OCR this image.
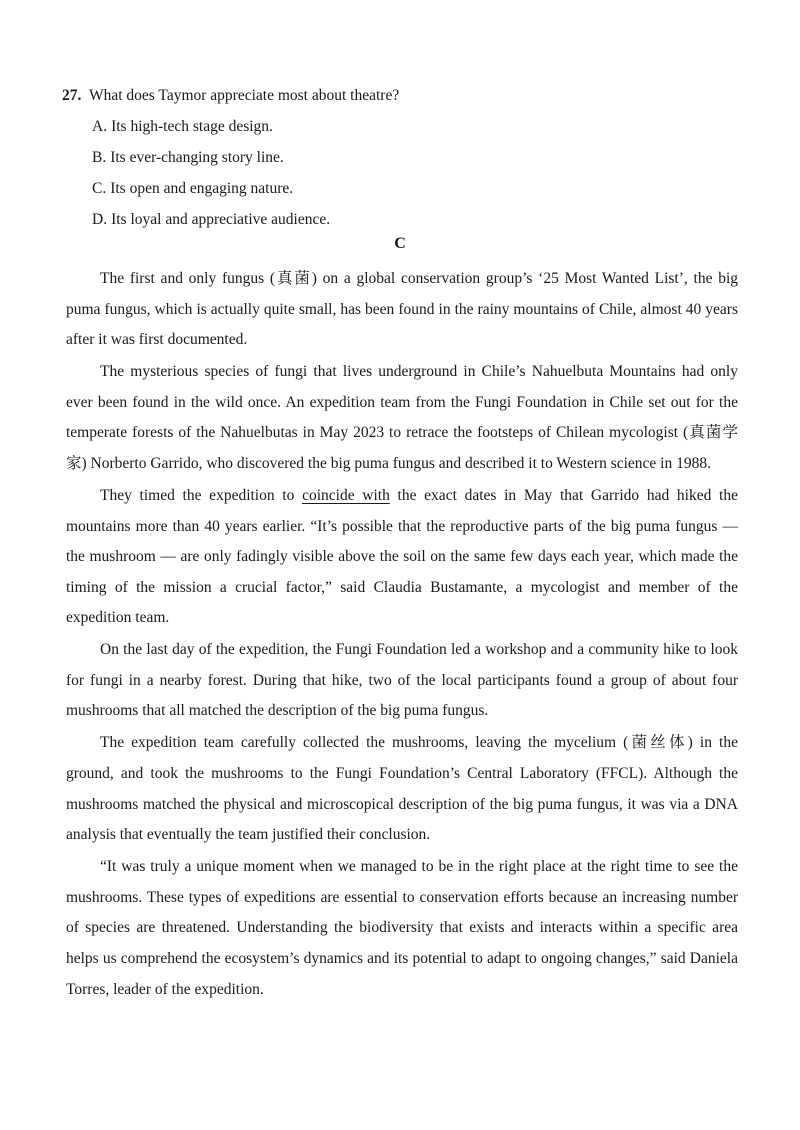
27. What does Taymor appreciate most about theatre?
A. Its high-tech stage design.
B. Its ever-changing story line.
C. Its open and engaging nature.
D. Its loyal and appreciative audience.
C

The first and only fungus (真菌) on a global conservation group’s ‘25 Most Wanted List’, the big puma fungus, which is actually quite small, has been found in the rainy mountains of Chile, almost 40 years after it was first documented.

The mysterious species of fungi that lives underground in Chile’s Nahuelbuta Mountains had only ever been found in the wild once. An expedition team from the Fungi Foundation in Chile set out for the temperate forests of the Nahuelbutas in May 2023 to retrace the footsteps of Chilean mycologist (真菌学家) Norberto Garrido, who discovered the big puma fungus and described it to Western science in 1988.

They timed the expedition to coincide with the exact dates in May that Garrido had hiked the mountains more than 40 years earlier. “It’s possible that the reproductive parts of the big puma fungus — the mushroom — are only fadingly visible above the soil on the same few days each year, which made the timing of the mission a crucial factor,” said Claudia Bustamante, a mycologist and member of the expedition team.

On the last day of the expedition, the Fungi Foundation led a workshop and a community hike to look for fungi in a nearby forest. During that hike, two of the local participants found a group of about four mushrooms that all matched the description of the big puma fungus.

The expedition team carefully collected the mushrooms, leaving the mycelium (菌丝体) in the ground, and took the mushrooms to the Fungi Foundation’s Central Laboratory (FFCL). Although the mushrooms matched the physical and microscopical description of the big puma fungus, it was via a DNA analysis that eventually the team justified their conclusion.

“It was truly a unique moment when we managed to be in the right place at the right time to see the mushrooms. These types of expeditions are essential to conservation efforts because an increasing number of species are threatened. Understanding the biodiversity that exists and interacts within a specific area helps us comprehend the ecosystem’s dynamics and its potential to adapt to ongoing changes,” said Daniela Torres, leader of the expedition.
